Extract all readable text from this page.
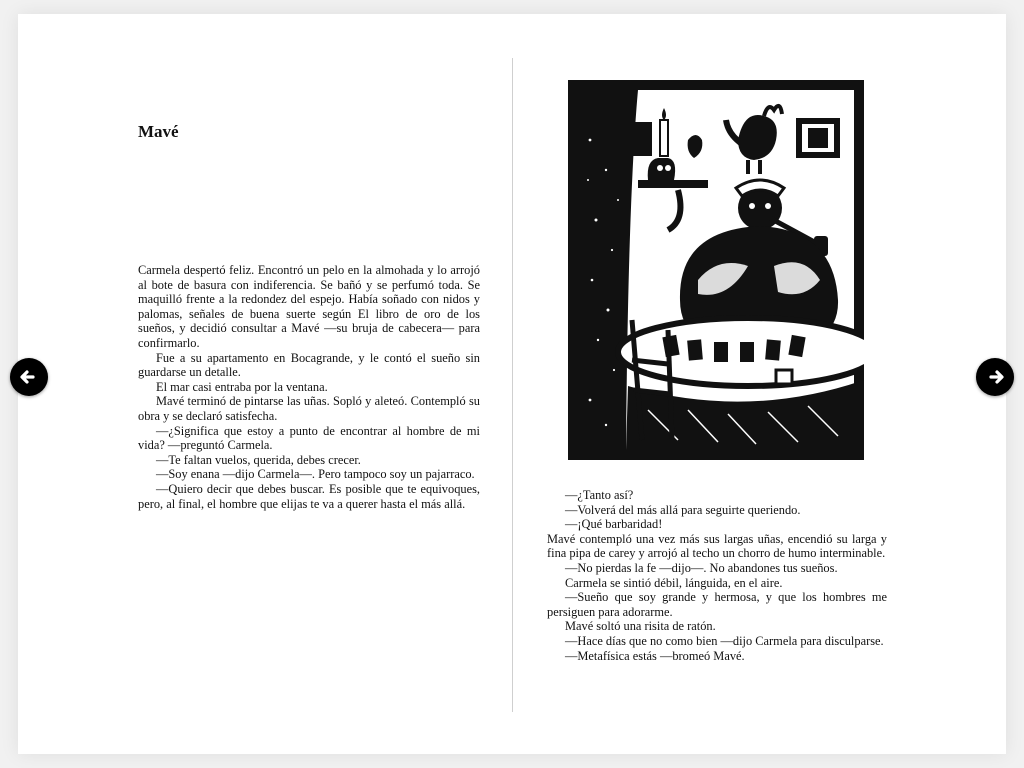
Mavé

Carmela despertó feliz. Encontró un pelo en la almohada y lo arrojó al bote de basura con indiferencia. Se bañó y se perfumó toda. Se maquilló frente a la redondez del espejo. Había soñado con nidos y palomas, señales de buena suerte según El libro de oro de los sueños, y decidió consultar a Mavé —su bruja de cabecera— para confirmarlo.

Fue a su apartamento en Bocagrande, y le contó el sueño sin guardarse un detalle.

El mar casi entraba por la ventana.

Mavé terminó de pintarse las uñas. Sopló y aleteó. Contempló su obra y se declaró satisfecha.

—¿Significa que estoy a punto de encontrar al hombre de mi vida? —preguntó Carmela.

—Te faltan vuelos, querida, debes crecer.

—Soy enana —dijo Carmela—. Pero tampoco soy un pajarraco.

—Quiero decir que debes buscar. Es posible que te equivoques, pero, al final, el hombre que elijas te va a querer hasta el más allá.

—¿Tanto así?

—Volverá del más allá para seguirte queriendo.

—¡Qué barbaridad!

Mavé contempló una vez más sus largas uñas, encendió su larga y fina pipa de carey y arrojó al techo un chorro de humo interminable.

—No pierdas la fe —dijo—. No abandones tus sueños.

Carmela se sintió débil, lánguida, en el aire.

—Sueño que soy grande y hermosa, y que los hombres me persiguen para adorarme.

Mavé soltó una risita de ratón.

—Hace días que no como bien —dijo Carmela para disculparse.

—Metafísica estás —bromeó Mavé.
